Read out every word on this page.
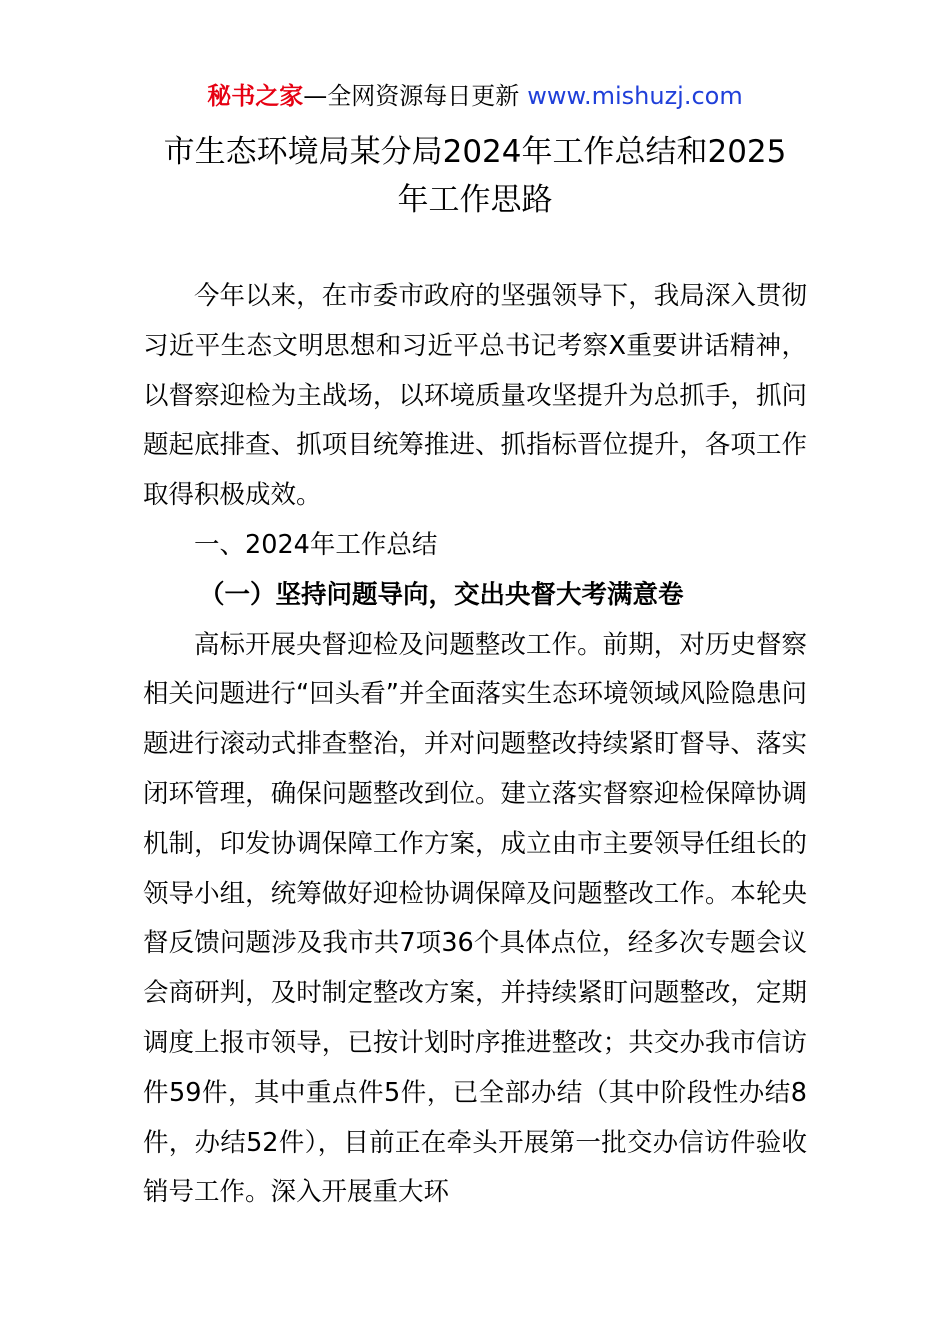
秘书之家—全网资源每日更新 www.mishuzj.com
市生态环境局某分局2024年工作总结和2025年工作思路

今年以来，在市委市政府的坚强领导下，我局深入贯彻习近平生态文明思想和习近平总书记考察X重要讲话精神，以督察迎检为主战场，以环境质量攻坚提升为总抓手，抓问题起底排查、抓项目统筹推进、抓指标晋位提升，各项工作取得积极成效。

一、2024年工作总结

（一）坚持问题导向，交出央督大考满意卷

高标开展央督迎检及问题整改工作。前期，对历史督察相关问题进行“回头看”并全面落实生态环境领域风险隐患问题进行滚动式排查整治，并对问题整改持续紧盯督导、落实闭环管理，确保问题整改到位。建立落实督察迎检保障协调机制，印发协调保障工作方案，成立由市主要领导任组长的领导小组，统筹做好迎检协调保障及问题整改工作。本轮央督反馈问题涉及我市共7项36个具体点位，经多次专题会议会商研判，及时制定整改方案，并持续紧盯问题整改，定期调度上报市领导，已按计划时序推进整改；共交办我市信访件59件，其中重点件5件，已全部办结（其中阶段性办结8件，办结52件），目前正在牵头开展第一批交办信访件验收销号工作。深入开展重大环
